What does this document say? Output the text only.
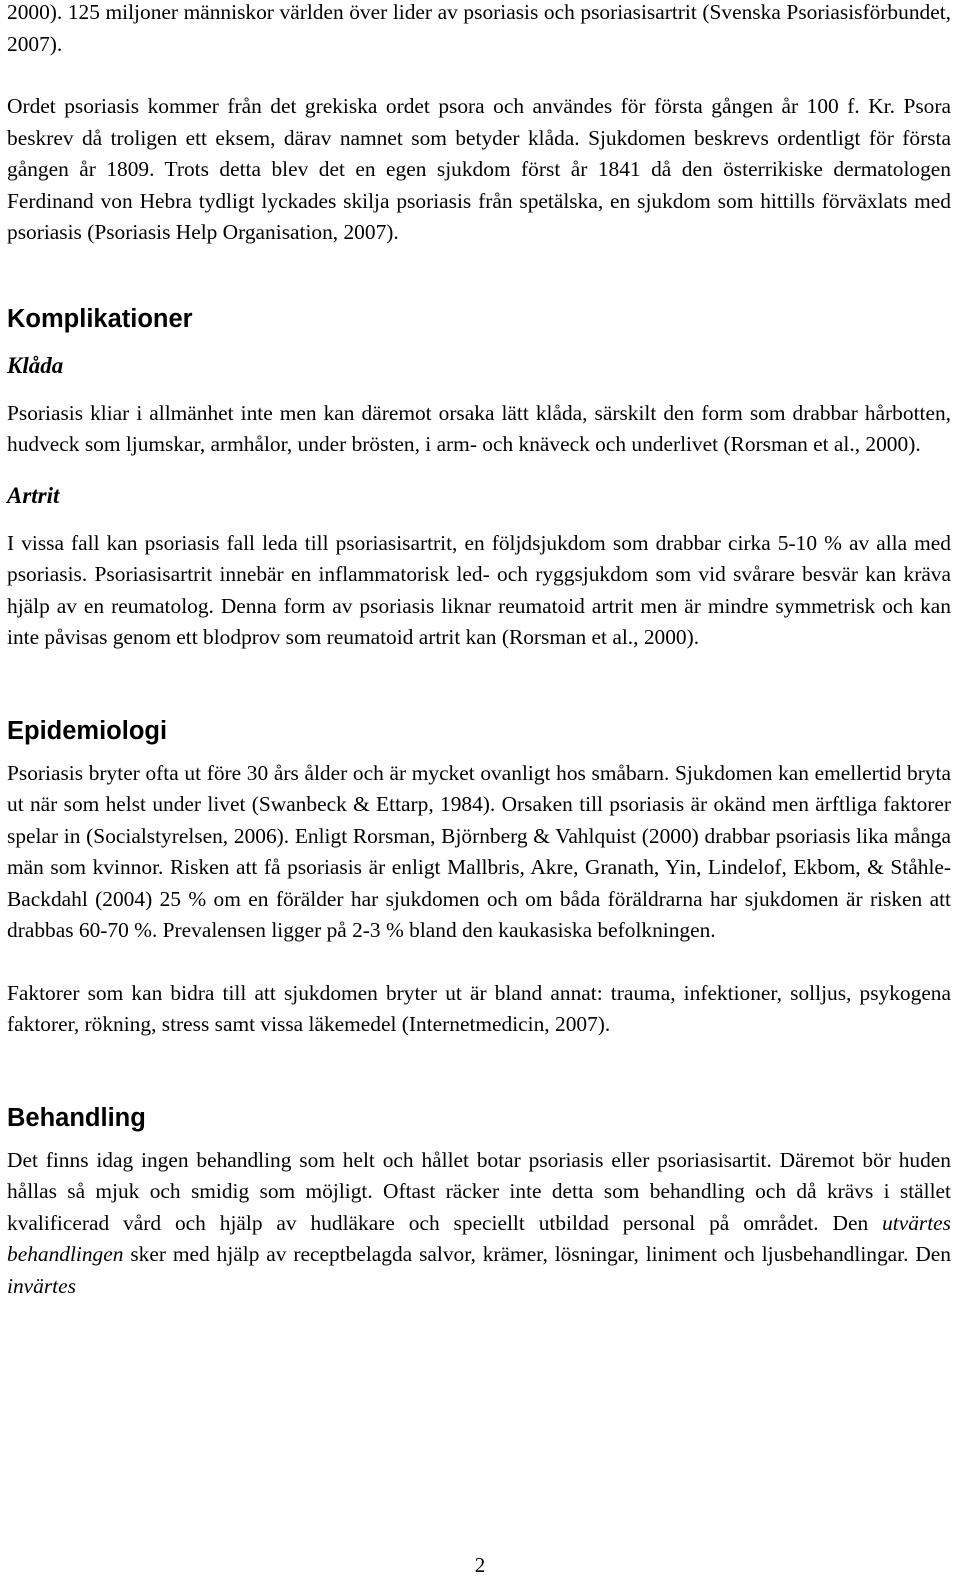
2000). 125 miljoner människor världen över lider av psoriasis och psoriasisartrit (Svenska Psoriasisförbundet, 2007).

Ordet psoriasis kommer från det grekiska ordet psora och användes för första gången år 100 f. Kr. Psora beskrev då troligen ett eksem, därav namnet som betyder klåda. Sjukdomen beskrevs ordentligt för första gången år 1809. Trots detta blev det en egen sjukdom först år 1841 då den österrikiske dermatologen Ferdinand von Hebra tydligt lyckades skilja psoriasis från spetälska, en sjukdom som hittills förväxlats med psoriasis (Psoriasis Help Organisation, 2007).

Komplikationer
Klåda

Psoriasis kliar i allmänhet inte men kan däremot orsaka lätt klåda, särskilt den form som drabbar hårbotten, hudveck som ljumskar, armhålor, under brösten, i arm- och knäveck och underlivet (Rorsman et al., 2000).

Artrit

I vissa fall kan psoriasis fall leda till psoriasisartrit, en följdsjukdom som drabbar cirka 5-10 % av alla med psoriasis. Psoriasisartrit innebär en inflammatorisk led- och ryggsjukdom som vid svårare besvär kan kräva hjälp av en reumatolog. Denna form av psoriasis liknar reumatoid artrit men är mindre symmetrisk och kan inte påvisas genom ett blodprov som reumatoid artrit kan (Rorsman et al., 2000).

Epidemiologi

Psoriasis bryter ofta ut före 30 års ålder och är mycket ovanligt hos småbarn. Sjukdomen kan emellertid bryta ut när som helst under livet (Swanbeck & Ettarp, 1984). Orsaken till psoriasis är okänd men ärftliga faktorer spelar in (Socialstyrelsen, 2006). Enligt Rorsman, Björnberg & Vahlquist (2000) drabbar psoriasis lika många män som kvinnor. Risken att få psoriasis är enligt Mallbris, Akre, Granath, Yin, Lindelof, Ekbom, & Ståhle-Backdahl (2004) 25 % om en förälder har sjukdomen och om båda föräldrarna har sjukdomen är risken att drabbas 60-70 %. Prevalensen ligger på 2-3 % bland den kaukasiska befolkningen.

Faktorer som kan bidra till att sjukdomen bryter ut är bland annat: trauma, infektioner, solljus, psykogena faktorer, rökning, stress samt vissa läkemedel (Internetmedicin, 2007).

Behandling

Det finns idag ingen behandling som helt och hållet botar psoriasis eller psoriasisartit. Däremot bör huden hållas så mjuk och smidig som möjligt. Oftast räcker inte detta som behandling och då krävs i stället kvalificerad vård och hjälp av hudläkare och speciellt utbildad personal på området. Den utvärtes behandlingen sker med hjälp av receptbelagda salvor, krämer, lösningar, liniment och ljusbehandlingar. Den invärtes

2
